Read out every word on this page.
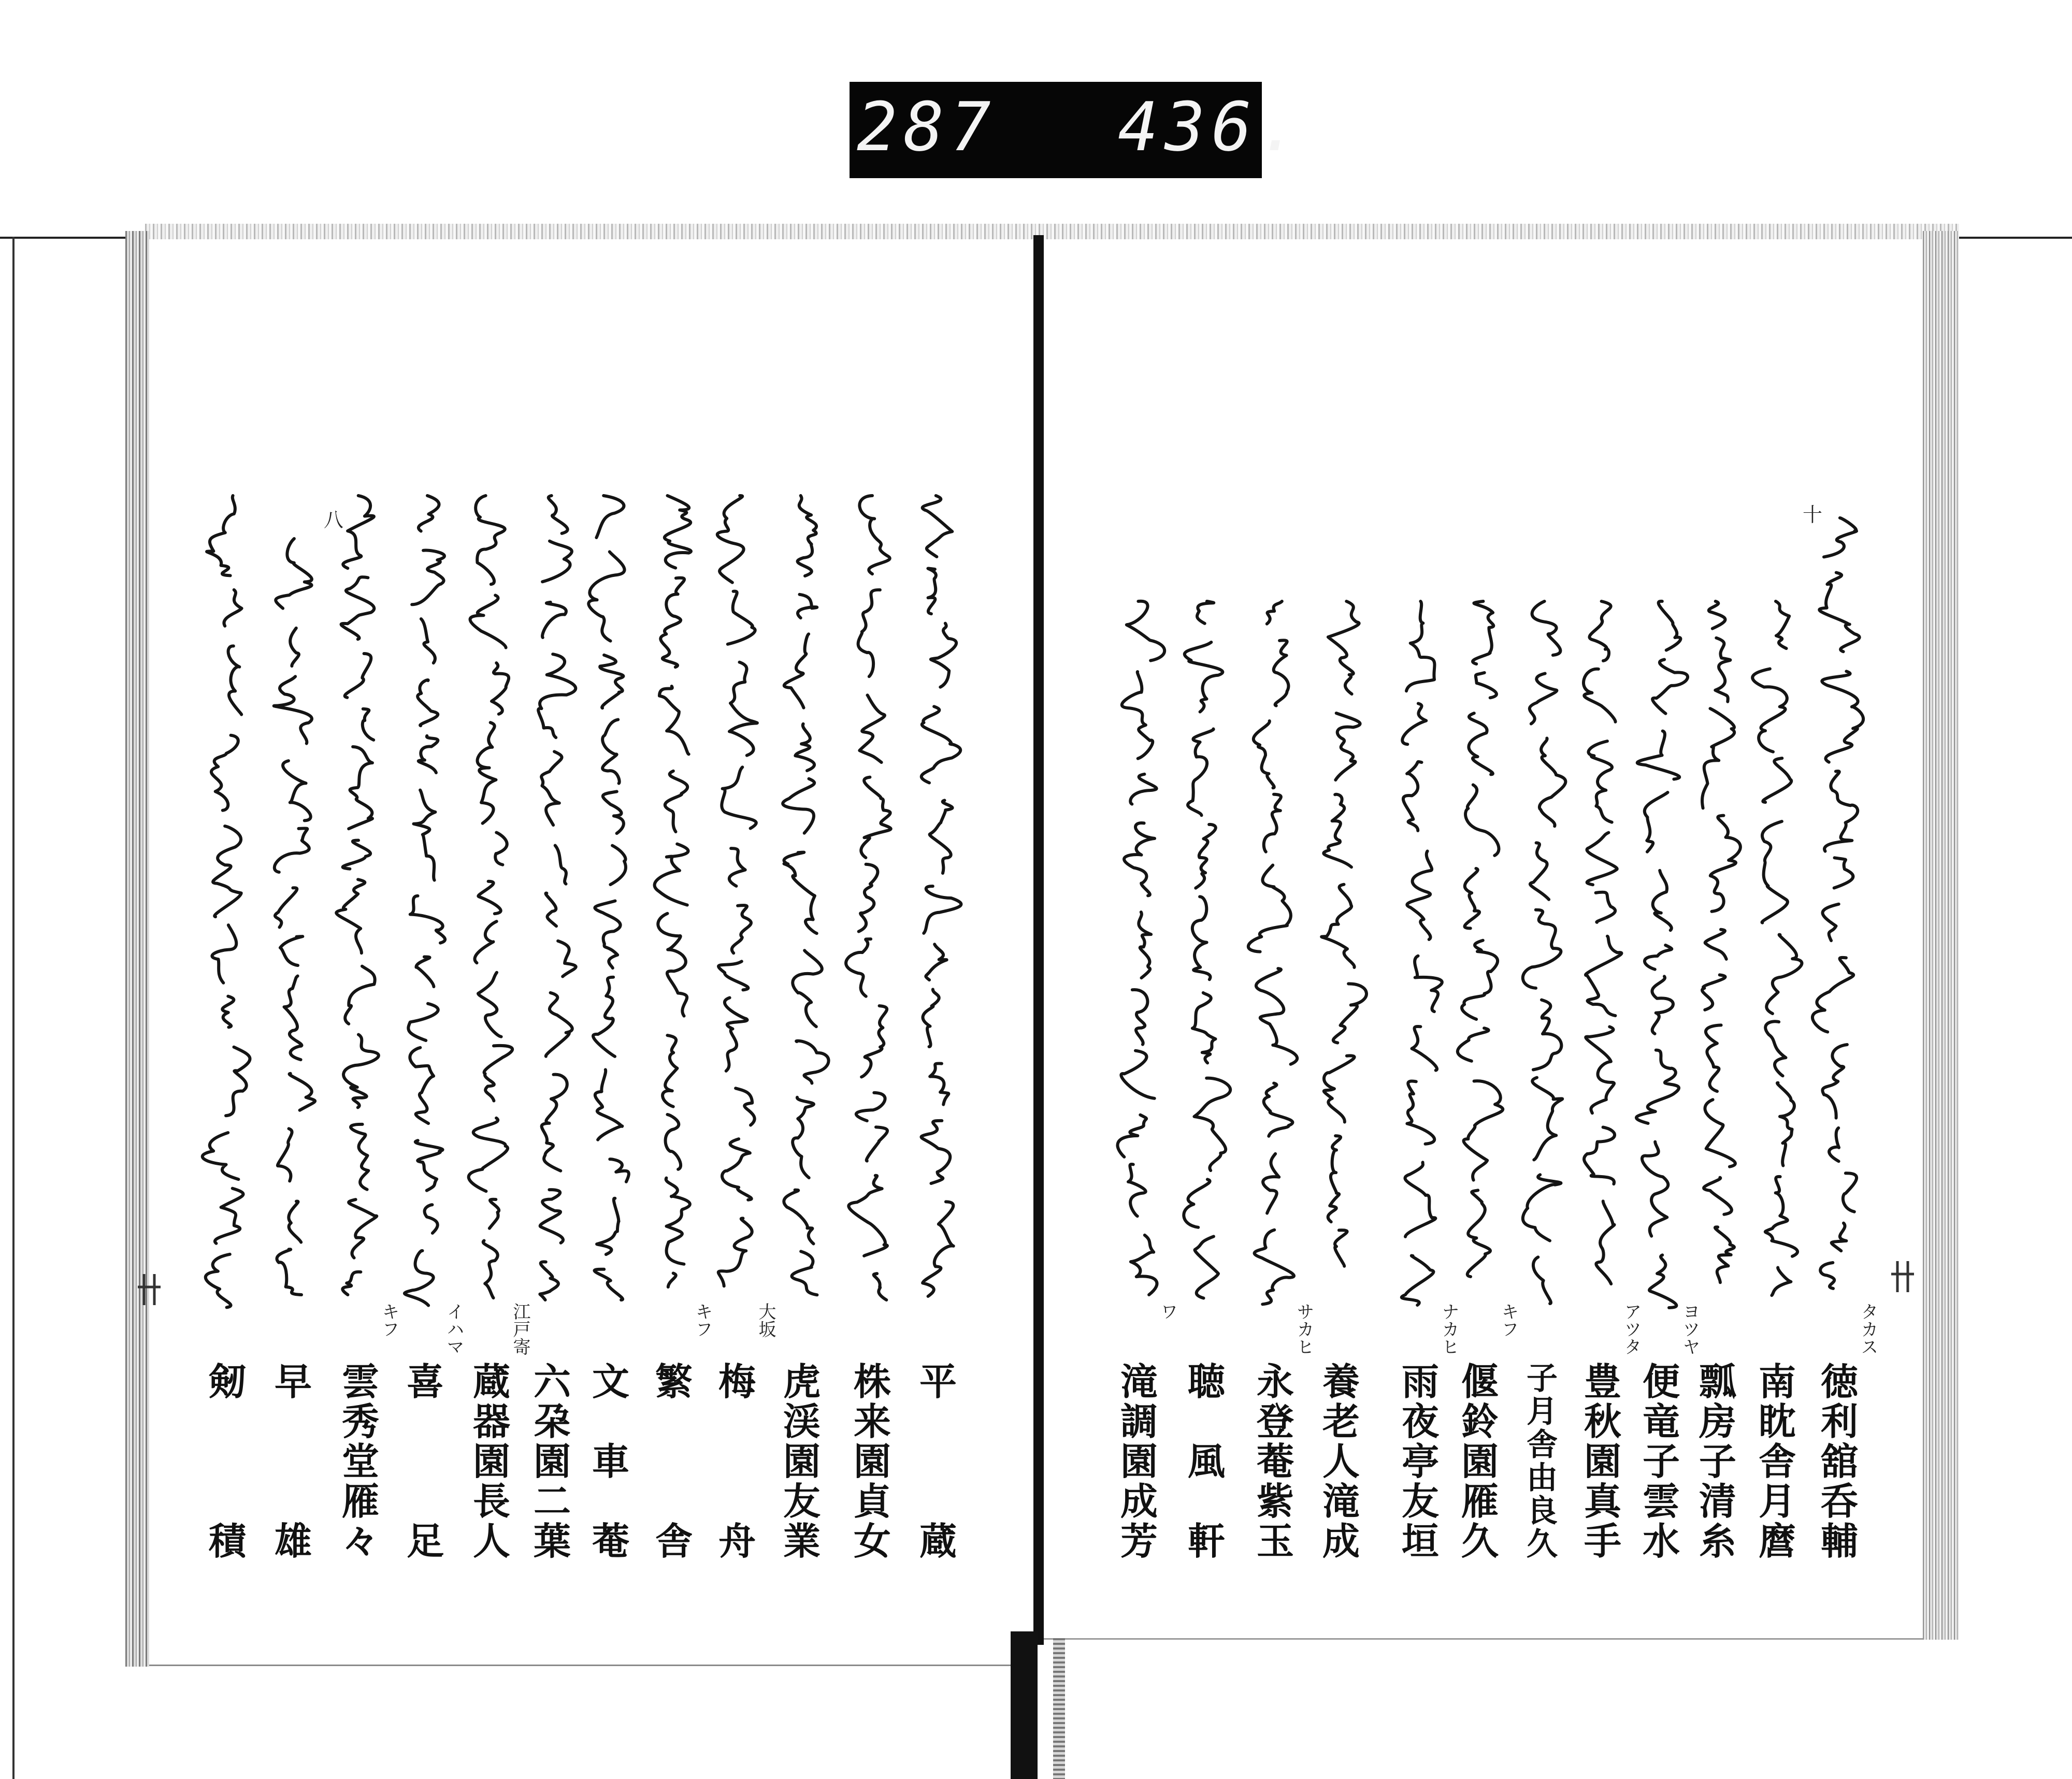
287 436.
十
八
徳
利
舘
呑
輔
タカス
南
眈
舎
月
麿
瓢
房
子
清
糸
便
竜
子
雲
水
ヨツヤ
豊
秋
園
真
手
アツタ
子
月
舎
由
良
久
偃
鈴
園
雁
久
キフ
雨
夜
亭
友
垣
ナカヒ
養
老
人
滝
成
永
登
菴
紫
玉
サカヒ
聴
風
軒
滝
調
園
成
芳
ワ
平
蔵
株
来
園
貞
女
虎
渓
園
友
業
梅
舟
大坂
繁
舎
キフ
文
車
菴
六
朶
園
二
葉
蔵
器
園
長
人
江戸寄
喜
足
イハマ
雲
秀
堂
雁
々
キフ
早
雄
剱
積
